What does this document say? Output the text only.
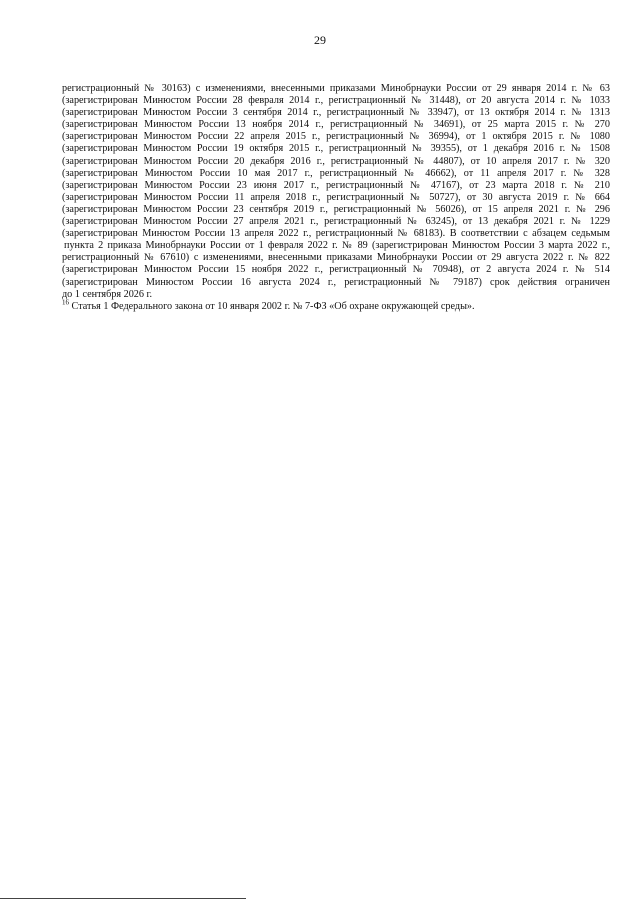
29
регистрационный № 30163) с изменениями, внесенными приказами Минобрнауки России от 29 января 2014 г. № 63
(зарегистрирован Минюстом России 28 февраля 2014 г., регистрационный № 31448), от 20 августа 2014 г. № 1033
(зарегистрирован Минюстом России 3 сентября 2014 г., регистрационный № 33947), от 13 октября 2014 г. № 1313
(зарегистрирован Минюстом России 13 ноября 2014 г., регистрационный № 34691), от 25 марта 2015 г. № 270
(зарегистрирован Минюстом России 22 апреля 2015 г., регистрационный № 36994), от 1 октября 2015 г. № 1080
(зарегистрирован Минюстом России 19 октября 2015 г., регистрационный № 39355), от 1 декабря 2016 г. № 1508
(зарегистрирован Минюстом России 20 декабря 2016 г., регистрационный № 44807), от 10 апреля 2017 г. № 320
(зарегистрирован Минюстом России 10 мая 2017 г., регистрационный № 46662), от 11 апреля 2017 г. № 328
(зарегистрирован Минюстом России 23 июня 2017 г., регистрационный № 47167), от 23 марта 2018 г. № 210
(зарегистрирован Минюстом России 11 апреля 2018 г., регистрационный № 50727), от 30 августа 2019 г. № 664
(зарегистрирован Минюстом России 23 сентября 2019 г., регистрационный № 56026), от 15 апреля 2021 г. № 296
(зарегистрирован Минюстом России 27 апреля 2021 г., регистрационный № 63245), от 13 декабря 2021 г. № 1229
(зарегистрирован Минюстом России 13 апреля 2022 г., регистрационный № 68183). В соответствии с абзацем седьмым
пункта 2 приказа Минобрнауки России от 1 февраля 2022 г. № 89 (зарегистрирован Минюстом России 3 марта 2022 г.,
регистрационный № 67610) с изменениями, внесенными приказами Минобрнауки России от 29 августа 2022 г. № 822
(зарегистрирован Минюстом России 15 ноября 2022 г., регистрационный № 70948), от 2 августа 2024 г. № 514
(зарегистрирован Минюстом России 16 августа 2024 г., регистрационный № 79187) срок действия ограничен
до 1 сентября 2026 г.
$^{16}$ Статья 1 Федерального закона от 10 января 2002 г. № 7-ФЗ «Об охране окружающей среды».
